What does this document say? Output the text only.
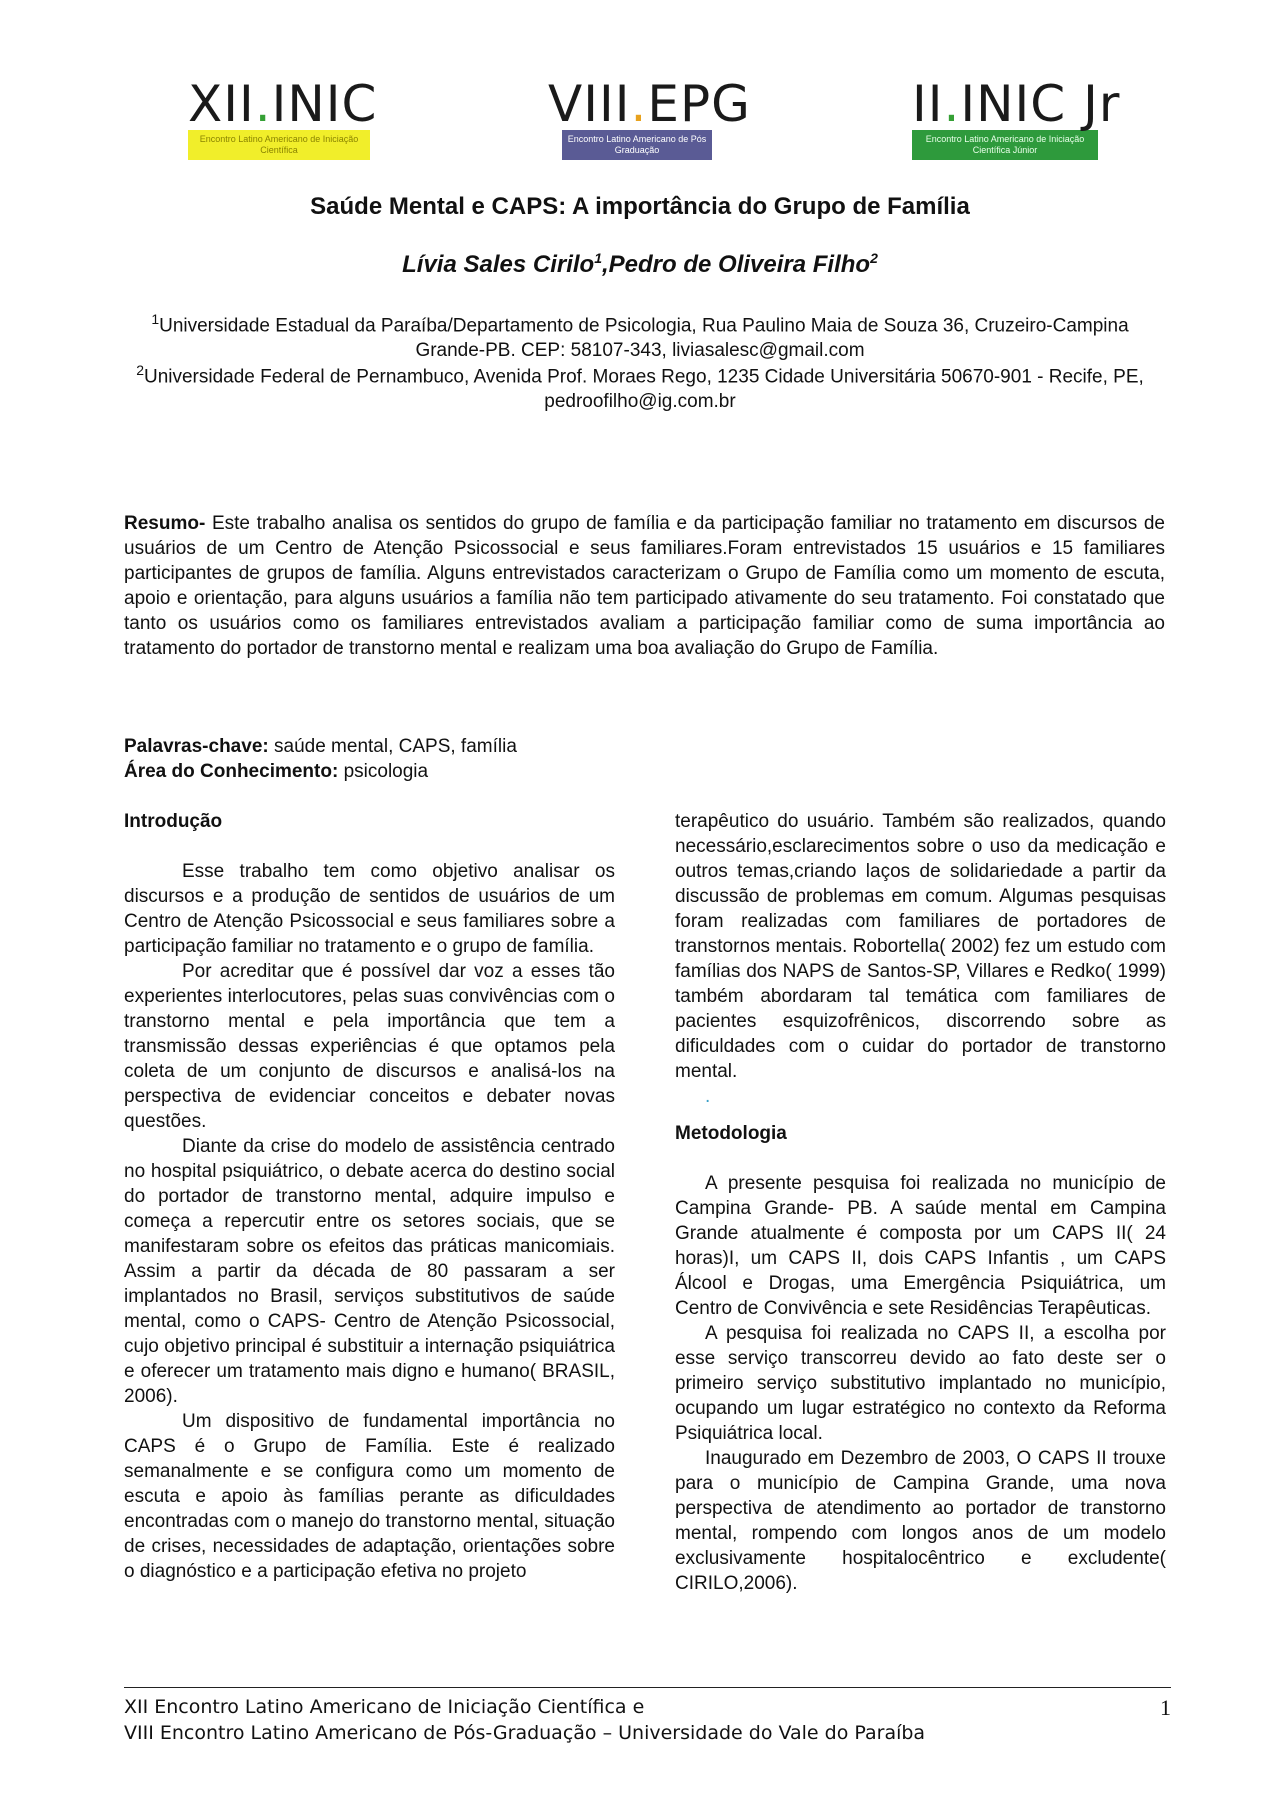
XII.INIC
Encontro Latino Americano de Iniciação Científica
VIII.EPG
Encontro Latino Americano de Pós Graduação
II.INIC Jr
Encontro Latino Americano de Iniciação Científica Júnior
Saúde Mental e CAPS: A importância do Grupo de Família
Lívia Sales Cirilo$^1$,Pedro de Oliveira Filho$^2$
$^1$Universidade Estadual da Paraíba/Departamento de Psicologia, Rua Paulino Maia de Souza 36, Cruzeiro-Campina Grande-PB. CEP: 58107-343, liviasalesc@gmail.com
$^2$Universidade Federal de Pernambuco, Avenida Prof. Moraes Rego, 1235 Cidade Universitária 50670-901 - Recife, PE, pedroofilho@ig.com.br
Resumo- Este trabalho analisa os sentidos do grupo de família e da participação familiar no tratamento em discursos de usuários de um Centro de Atenção Psicossocial e seus familiares.Foram entrevistados 15 usuários e 15 familiares participantes de grupos de família. Alguns entrevistados caracterizam o Grupo de Família como um momento de escuta, apoio e orientação, para alguns usuários a família não tem participado ativamente do seu tratamento. Foi constatado que tanto os usuários como os familiares entrevistados avaliam a participação familiar como de suma importância ao tratamento do portador de transtorno mental e realizam uma boa avaliação do Grupo de Família.
Palavras-chave: saúde mental, CAPS, família
Área do Conhecimento: psicologia

Introdução

Esse trabalho tem como objetivo analisar os discursos e a produção de sentidos de usuários de um Centro de Atenção Psicossocial e seus familiares sobre a participação familiar no tratamento e o grupo de família.

Por acreditar que é possível dar voz a esses tão experientes interlocutores, pelas suas convivências com o transtorno mental e pela importância que tem a transmissão dessas experiências é que optamos pela coleta de um conjunto de discursos e analisá-los na perspectiva de evidenciar conceitos e debater novas questões.

Diante da crise do modelo de assistência centrado no hospital psiquiátrico, o debate acerca do destino social do portador de transtorno mental, adquire impulso e começa a repercutir entre os setores sociais, que se manifestaram sobre os efeitos das práticas manicomiais. Assim a partir da década de 80 passaram a ser implantados no Brasil, serviços substitutivos de saúde mental, como o CAPS- Centro de Atenção Psicossocial, cujo objetivo principal é substituir a internação psiquiátrica e oferecer um tratamento mais digno e humano( BRASIL, 2006).

Um dispositivo de fundamental importância no CAPS é o Grupo de Família. Este é realizado semanalmente e se configura como um momento de escuta e apoio às famílias perante as dificuldades encontradas com o manejo do transtorno mental, situação de crises, necessidades de adaptação, orientações sobre o diagnóstico e a participação efetiva no projeto

terapêutico do usuário. Também são realizados, quando necessário,esclarecimentos sobre o uso da medicação e outros temas,criando laços de solidariedade a partir da discussão de problemas em comum. Algumas pesquisas foram realizadas com familiares de portadores de transtornos mentais. Robortella( 2002) fez um estudo com famílias dos NAPS de Santos-SP, Villares e Redko( 1999) também abordaram tal temática com familiares de pacientes esquizofrênicos, discorrendo sobre as dificuldades com o cuidar do portador de transtorno mental.

.

Metodologia

A presente pesquisa foi realizada no município de Campina Grande- PB. A saúde mental em Campina Grande atualmente é composta por um CAPS II( 24 horas)I, um CAPS II, dois CAPS Infantis , um CAPS Álcool e Drogas, uma Emergência Psiquiátrica, um Centro de Convivência e sete Residências Terapêuticas.

A pesquisa foi realizada no CAPS II, a escolha por esse serviço transcorreu devido ao fato deste ser o primeiro serviço substitutivo implantado no município, ocupando um lugar estratégico no contexto da Reforma Psiquiátrica local.

Inaugurado em Dezembro de 2003, O CAPS II trouxe para o município de Campina Grande, uma nova perspectiva de atendimento ao portador de transtorno mental, rompendo com longos anos de um modelo exclusivamente hospitalocêntrico e excludente( CIRILO,2006).

XII Encontro Latino Americano de Iniciação Científica e
VIII Encontro Latino Americano de Pós-Graduação – Universidade do Vale do Paraíba
1
